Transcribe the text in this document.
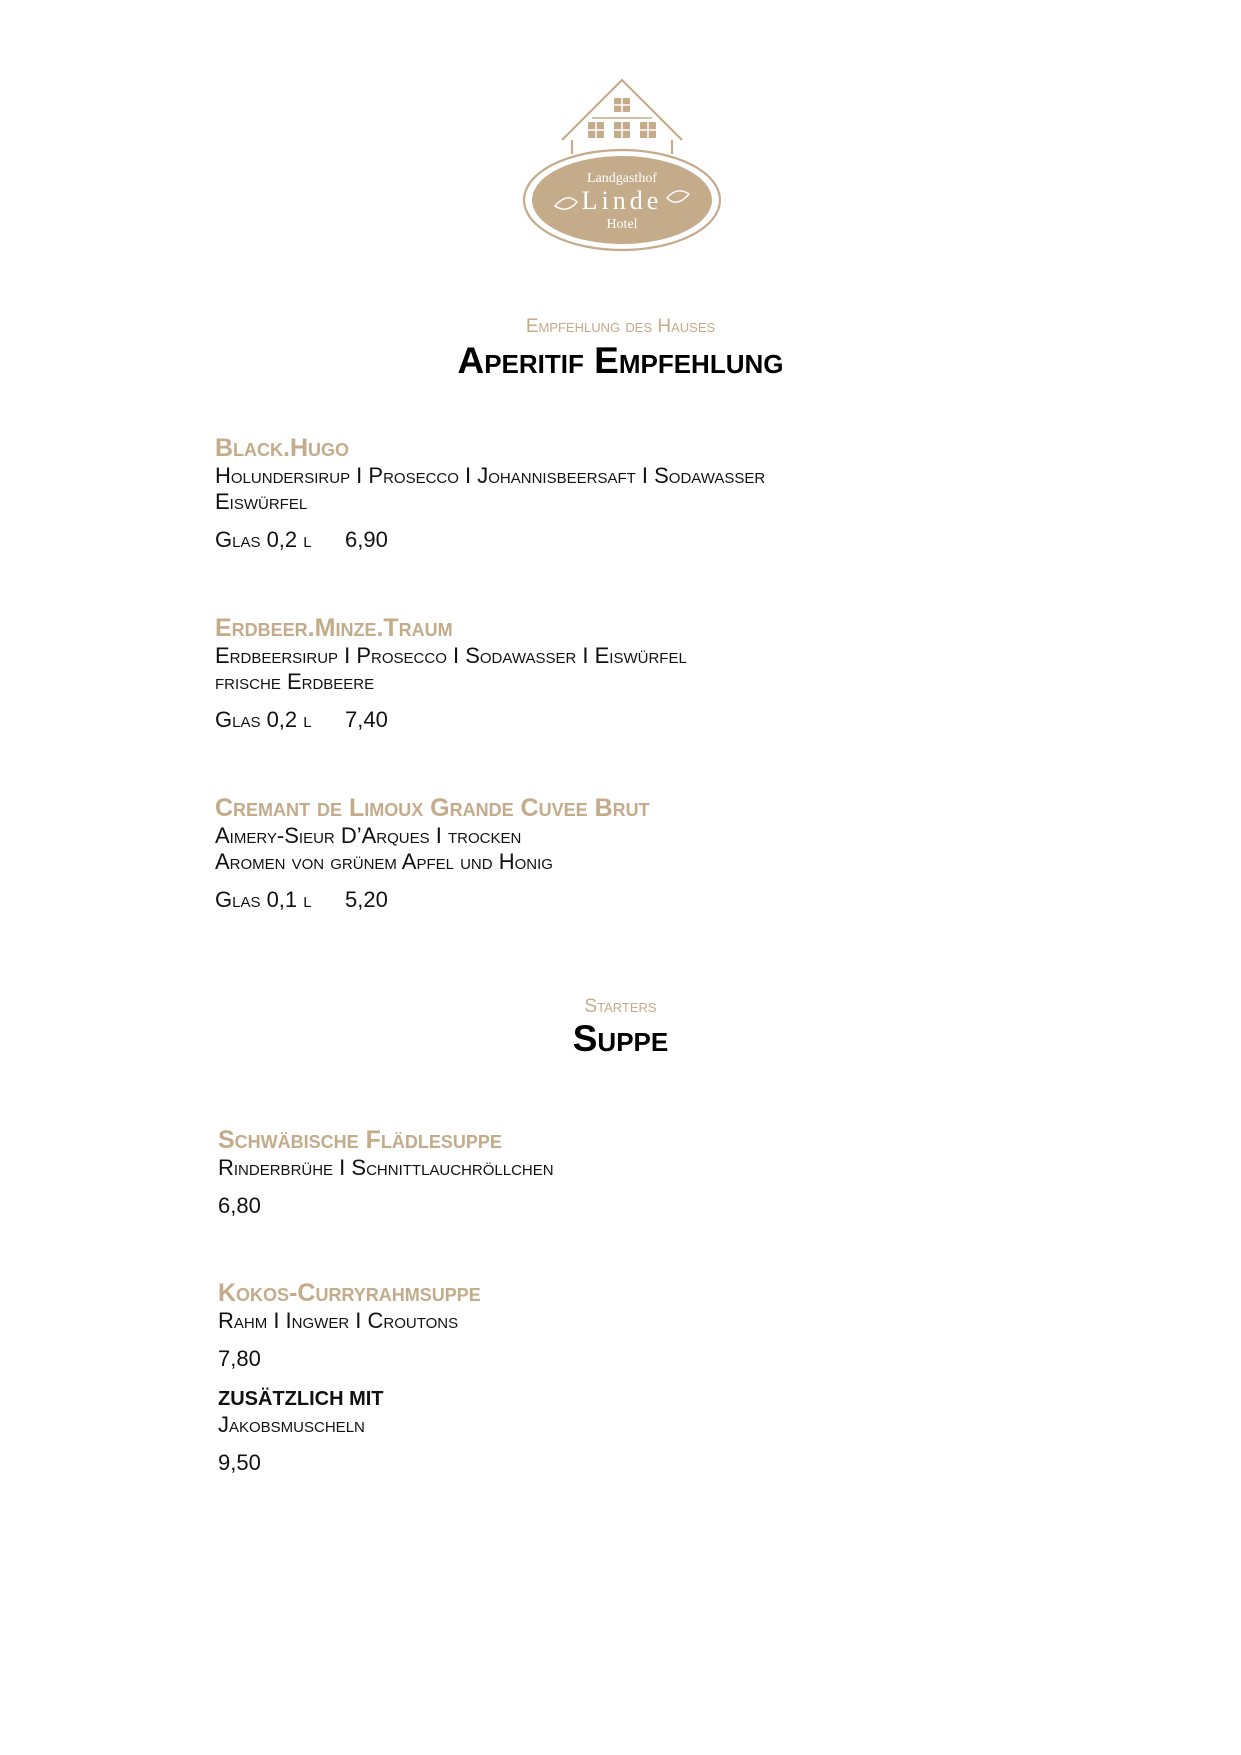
Landgasthof
Linde
Hotel
Empfehlung des Hauses
Aperitif Empfehlung
Black.Hugo
Holundersirup I Prosecco I Johannisbeersaft I Sodawasser
Eiswürfel
Glas 0,2 l 6,90
Erdbeer.Minze.Traum
Erdbeersirup I Prosecco I Sodawasser I Eiswürfel
frische Erdbeere
Glas 0,2 l 7,40
Cremant de Limoux Grande Cuvee Brut
Aimery-Sieur D’Arques I trocken
Aromen von grünem Apfel und Honig
Glas 0,1 l 5,20
Starters
Suppe
Schwäbische Flädlesuppe
Rinderbrühe I Schnittlauchröllchen
6,80
Kokos-Curryrahmsuppe
Rahm I Ingwer I Croutons
7,80
ZUSÄTZLICH MIT
Jakobsmuscheln
9,50
